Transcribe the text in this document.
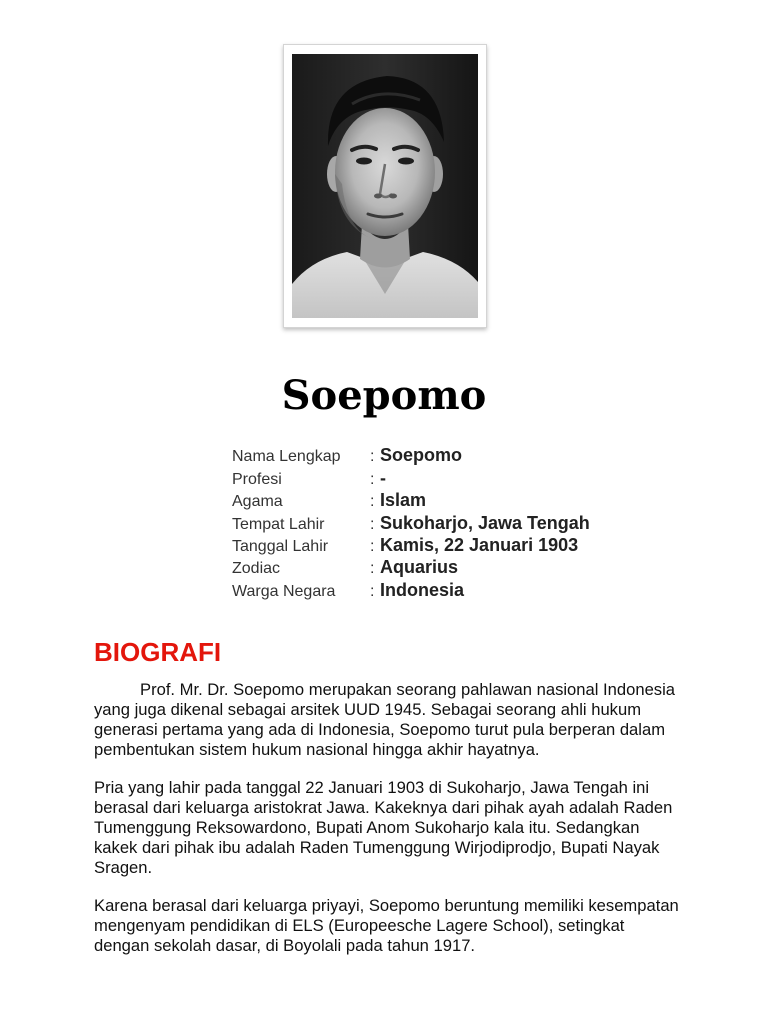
Soepomo
Nama Lengkap	:	Soepomo
Profesi	:	-
Agama	:	Islam
Tempat Lahir	:	Sukoharjo, Jawa Tengah
Tanggal Lahir	:	Kamis, 22 Januari 1903
Zodiac	:	Aquarius
Warga Negara	:	Indonesia
BIOGRAFI

Prof. Mr. Dr. Soepomo merupakan seorang pahlawan nasional Indonesia yang juga dikenal sebagai arsitek UUD 1945. Sebagai seorang ahli hukum generasi pertama yang ada di Indonesia, Soepomo turut pula berperan dalam pembentukan sistem hukum nasional hingga akhir hayatnya.

Pria yang lahir pada tanggal 22 Januari 1903 di Sukoharjo, Jawa Tengah ini berasal dari keluarga aristokrat Jawa. Kakeknya dari pihak ayah adalah Raden Tumenggung Reksowardono, Bupati Anom Sukoharjo kala itu. Sedangkan kakek dari pihak ibu adalah Raden Tumenggung Wirjodiprodjo, Bupati Nayak Sragen.

Karena berasal dari keluarga priyayi, Soepomo beruntung memiliki kesempatan mengenyam pendidikan di ELS (Europeesche Lagere School), setingkat dengan sekolah dasar, di Boyolali pada tahun 1917.
